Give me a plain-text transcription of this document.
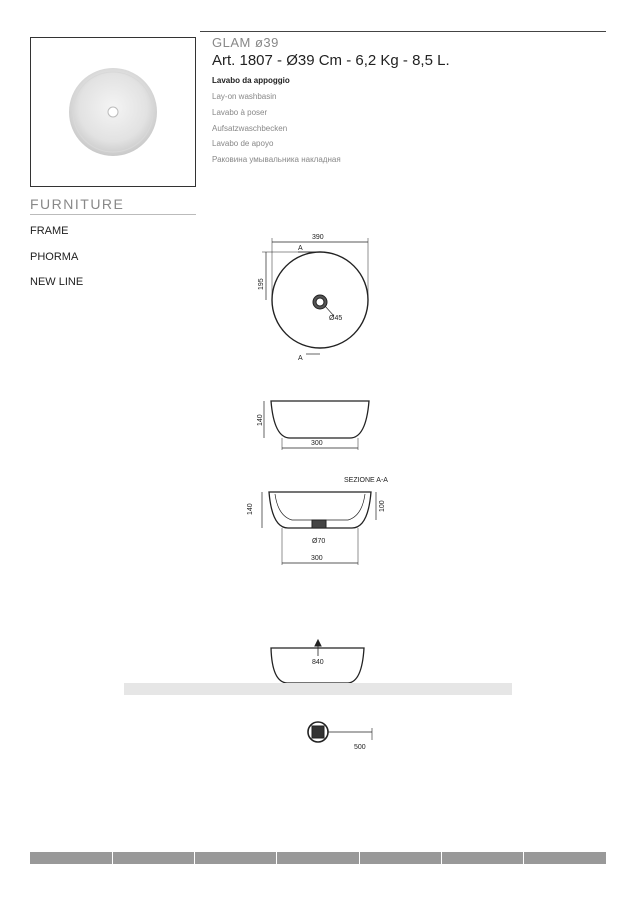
GLAM ø39
Art. 1807 - Ø39 Cm - 6,2 Kg - 8,5 L.
Lavabo da appoggio
Lay-on washbasin
Lavabo à poser
Aufsatzwaschbecken
Lavabo de apoyo
Раковина умывальника накладная
FURNITURE
FRAME
PHORMA
NEW LINE
390
195
A
A
Ø45
140
300
SEZIONE A-A
140	100
Ø70
300
840
500
